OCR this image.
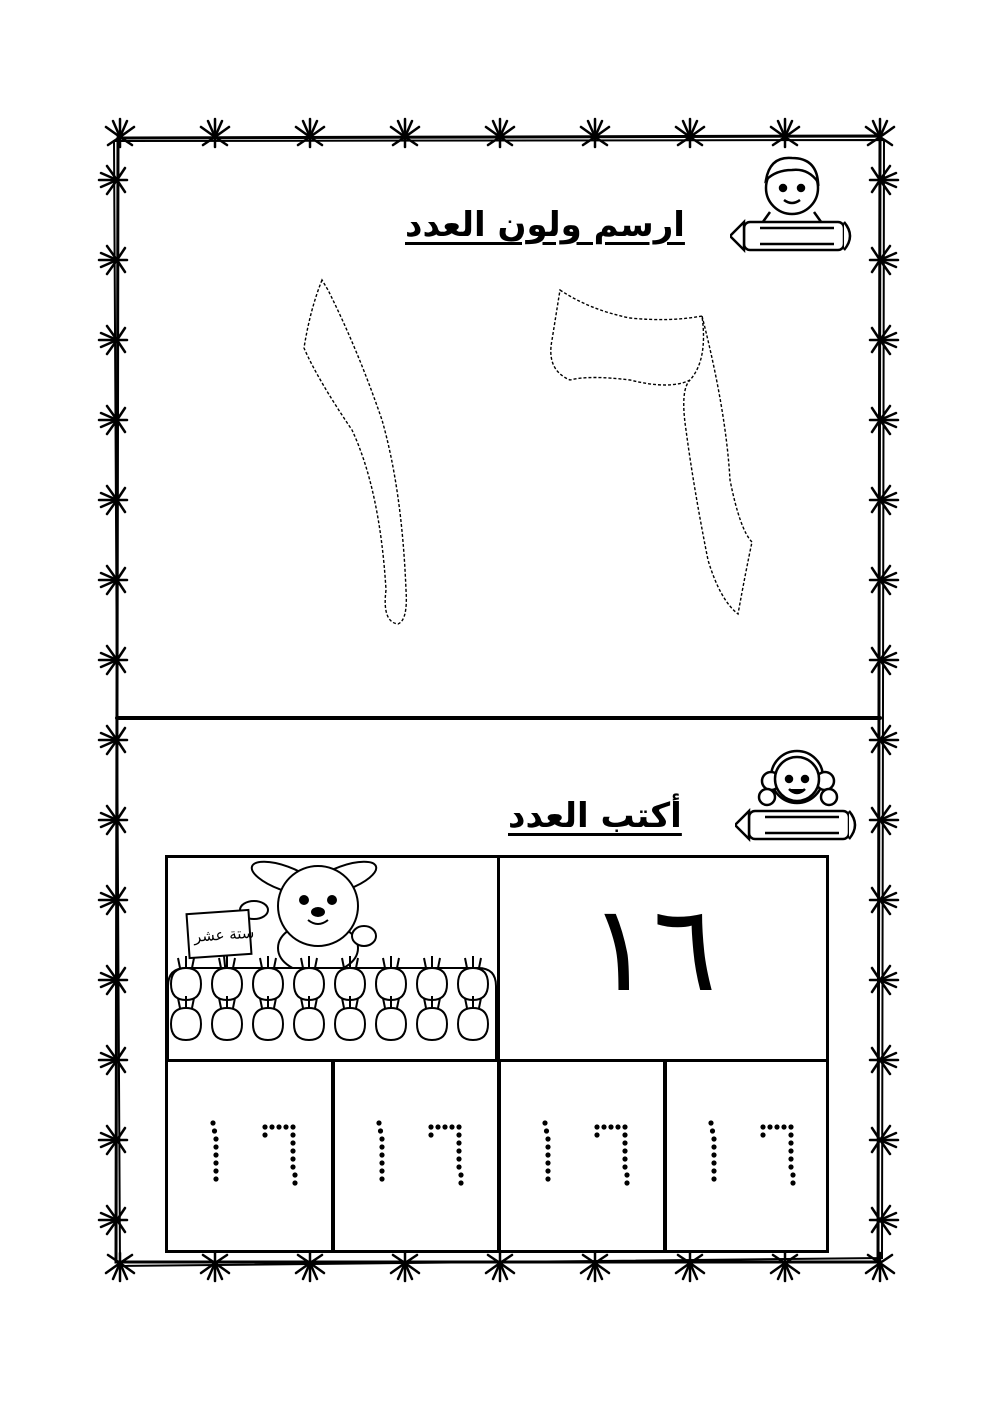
ارسم ولون العدد
أكتب العدد
١٦
ستة عشر
